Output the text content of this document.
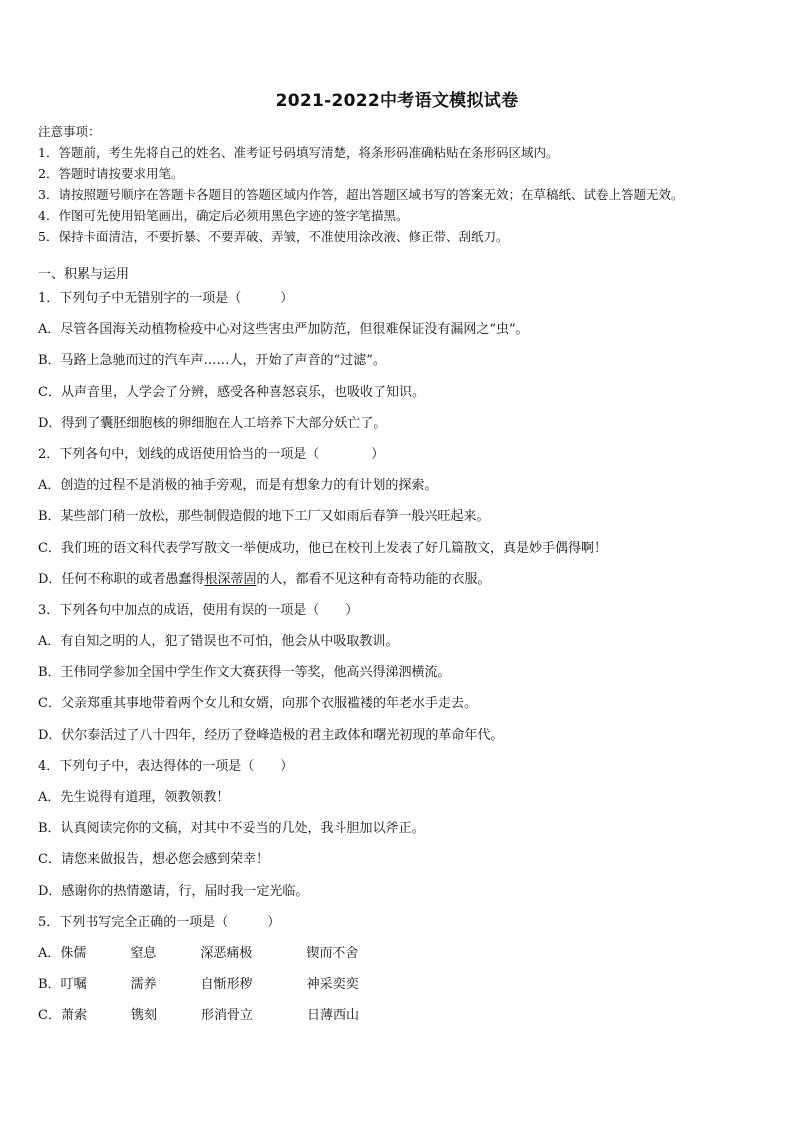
2021-2022中考语文模拟试卷
注意事项：
1．答题前，考生先将自己的姓名、准考证号码填写清楚，将条形码准确粘贴在条形码区域内。
2．答题时请按要求用笔。
3．请按照题号顺序在答题卡各题目的答题区域内作答，超出答题区域书写的答案无效；在草稿纸、试卷上答题无效。
4．作图可先使用铅笔画出，确定后必须用黑色字迹的签字笔描黑。
5．保持卡面清洁，不要折暴、不要弄破、弄皱，不准使用涂改液、修正带、刮纸刀。
一、积累与运用
1．下列句子中无错别字的一项是（　　　）
A．尽管各国海关动植物检疫中心对这些害虫严加防范，但很难保证没有漏网之“虫”。
B．马路上急驰而过的汽车声……人，开始了声音的“过滤”。
C．从声音里，人学会了分辨，感受各种喜怒哀乐，也吸收了知识。
D．得到了囊胚细胞核的卵细胞在人工培养下大部分妖亡了。
2．下列各句中，划线的成语使用恰当的一项是（　　　　）
A．创造的过程不是消极的袖手旁观，而是有想象力的有计划的探索。
B．某些部门稍一放松，那些制假造假的地下工厂又如雨后春笋一般兴旺起来。
C．我们班的语文科代表学写散文一举便成功，他已在校刊上发表了好几篇散文，真是妙手偶得啊！
D．任何不称职的或者愚蠢得根深蒂固的人，都看不见这种有奇特功能的衣服。
3．下列各句中加点的成语，使用有误的一项是（　　）
A．有自知之明的人，犯了错误也不可怕，他会从中吸取教训。
B．王伟同学参加全国中学生作文大赛获得一等奖，他高兴得涕泗横流。
C．父亲郑重其事地带着两个女儿和女婿，向那个衣服褴褛的年老水手走去。
D．伏尔泰活过了八十四年，经历了登峰造极的君主政体和曙光初现的革命年代。
4．下列句子中，表达得体的一项是（　　）
A．先生说得有道理，领教领教！
B．认真阅读完你的文稿，对其中不妥当的几处，我斗胆加以斧正。
C．请您来做报告，想必您会感到荣幸！
D．感谢你的热情邀请，行，届时我一定光临。
5．下列书写完全正确的一项是（　　　）
A．侏儒	窒息	深恶痛极	锲而不舍
B．叮嘱	濡养	自惭形秽	神采奕奕
C．萧索	镌刻	形消骨立	日薄西山
